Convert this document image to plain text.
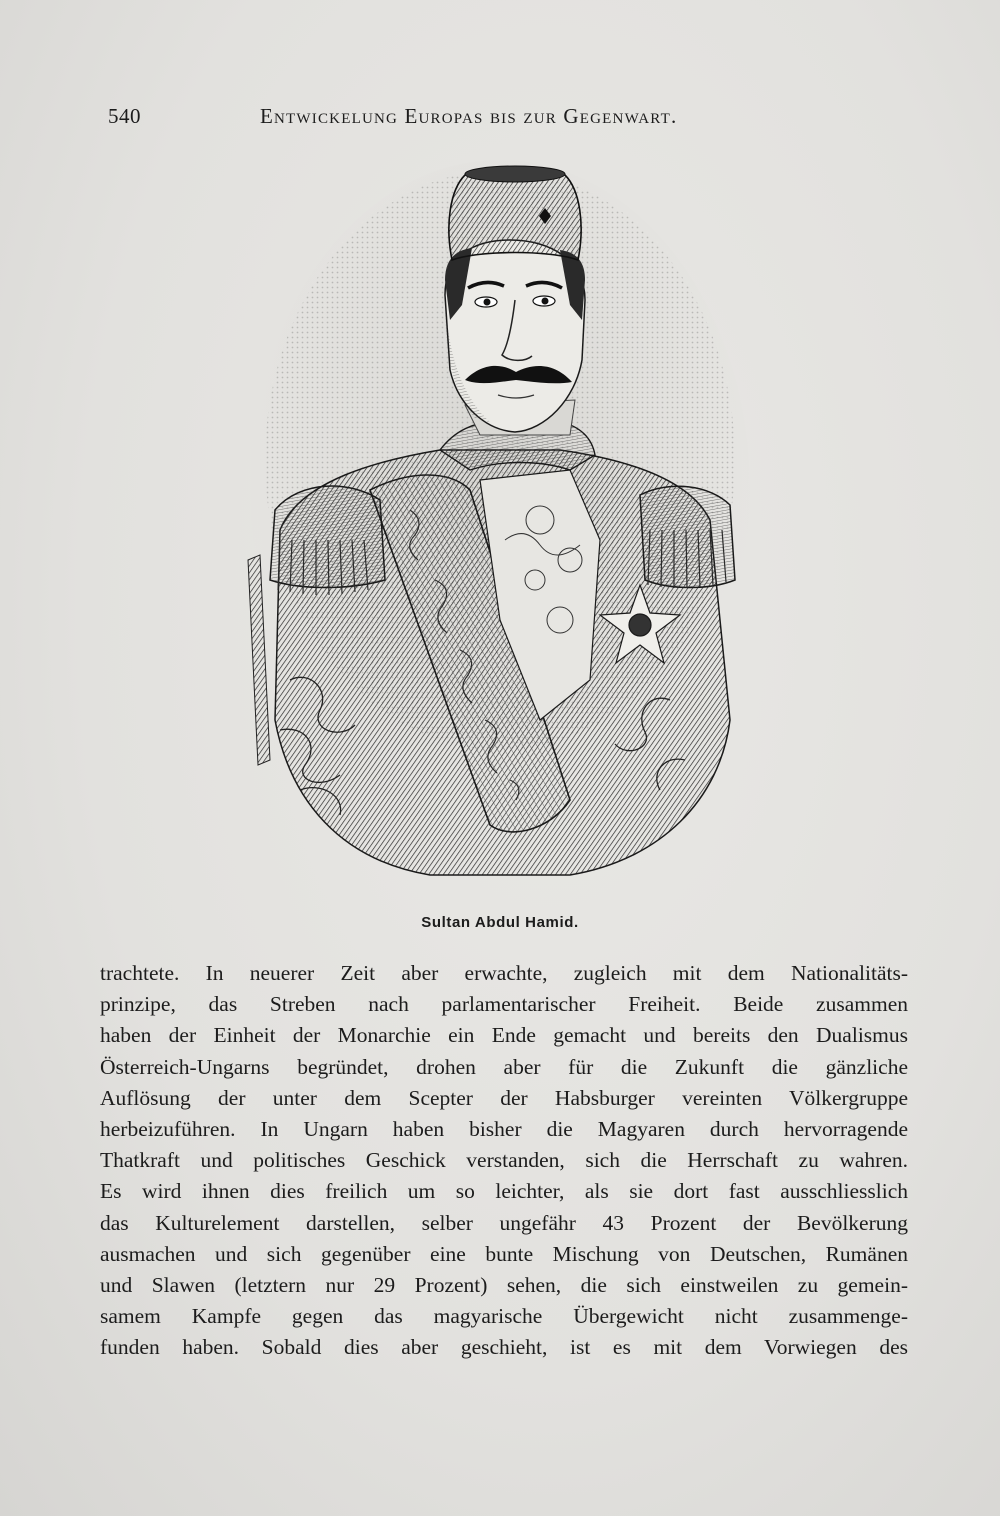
540	Entwickelung Europas bis zur Gegenwart.
Sultan Abdul Hamid.
trachtete. In neuerer Zeit aber erwachte, zugleich mit dem Nationalitäts-
prinzipe, das Streben nach parlamentarischer Freiheit. Beide zusammen
haben der Einheit der Monarchie ein Ende gemacht und bereits den Dualismus
Österreich-Ungarns begründet, drohen aber für die Zukunft die gänzliche
Auflösung der unter dem Scepter der Habsburger vereinten Völkergruppe
herbeizuführen. In Ungarn haben bisher die Magyaren durch hervorragende
Thatkraft und politisches Geschick verstanden, sich die Herrschaft zu wahren.
Es wird ihnen dies freilich um so leichter, als sie dort fast ausschliesslich
das Kulturelement darstellen, selber ungefähr 43 Prozent der Bevölkerung
ausmachen und sich gegenüber eine bunte Mischung von Deutschen, Rumänen
und Slawen (letztern nur 29 Prozent) sehen, die sich einstweilen zu gemein-
samem Kampfe gegen das magyarische Übergewicht nicht zusammenge-
funden haben. Sobald dies aber geschieht, ist es mit dem Vorwiegen des
